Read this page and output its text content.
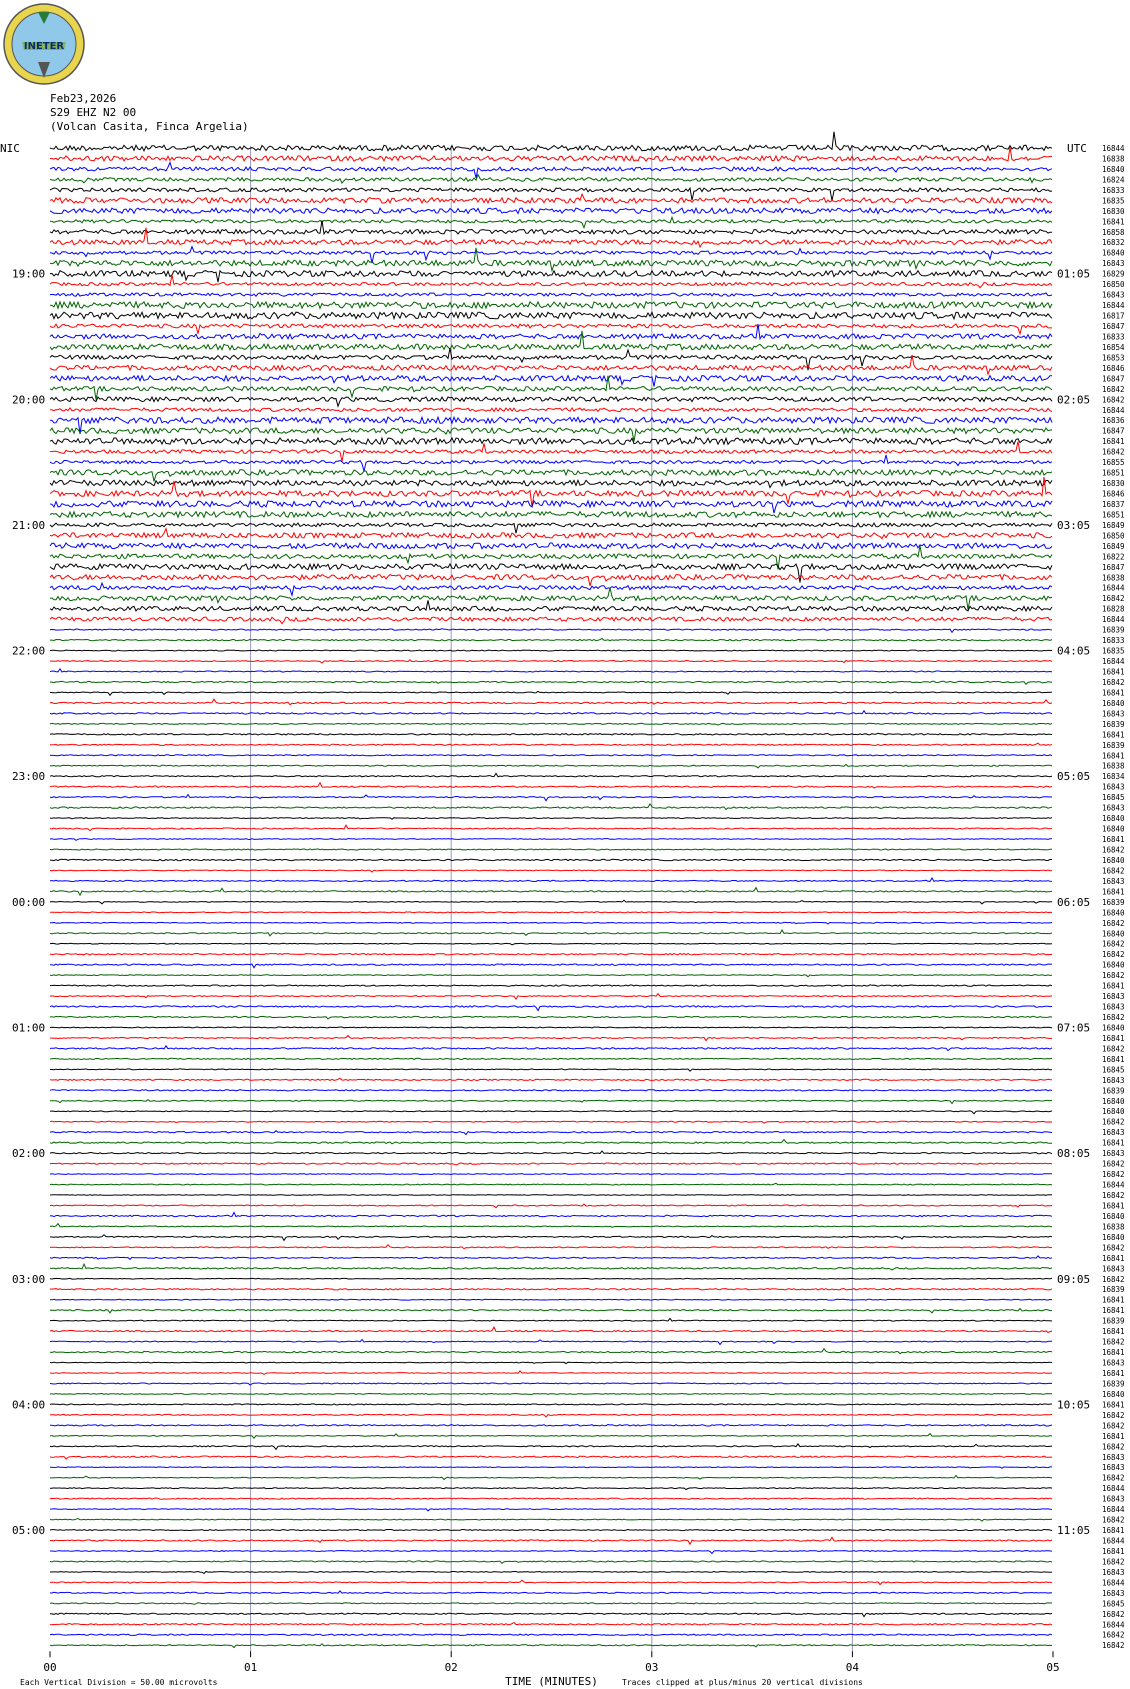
INETER
Feb23,2026
S29 EHZ N2 00
(Volcan Casita, Finca Argelia)
00	01	02	03	04	05
16844
16838
16840
16824
16833
16835
16830
16841
16858
16832
16840
16843
16829
16850
16843
16844
16817
16847
16833
16854
16853
16846
16847
16842
16842
16844
16836
16847
16841
16842
16855
16851
16830
16846
16837
16851
16849
16850
16849
16822
16847
16838
16844
16842
16828
16844
16839
16833
16835
16844
16841
16842
16841
16840
16843
16839
16841
16839
16841
16838
16834
16843
16845
16843
16840
16840
16841
16842
16840
16842
16843
16841
16839
16840
16842
16840
16842
16842
16840
16842
16841
16843
16843
16842
16840
16841
16842
16841
16845
16843
16839
16840
16840
16842
16843
16841
16843
16842
16842
16844
16842
16841
16840
16838
16840
16842
16841
16843
16842
16839
16841
16841
16839
16841
16842
16841
16843
16841
16839
16840
16841
16842
16842
16841
16842
16843
16843
16842
16844
16843
16844
16842
16841
16844
16841
16842
16843
16844
16843
16845
16842
16844
16842
16842
NIC	UTC
19:00
20:00
21:00
22:00
23:00
00:00
01:00
02:00
03:00
04:00
05:00
01:05
02:05
03:05
04:05
05:05
06:05
07:05
08:05
09:05
10:05
11:05
TIME (MINUTES)
Each Vertical Division = 50.00 microvolts	Traces clipped at plus/minus 20 vertical divisions
